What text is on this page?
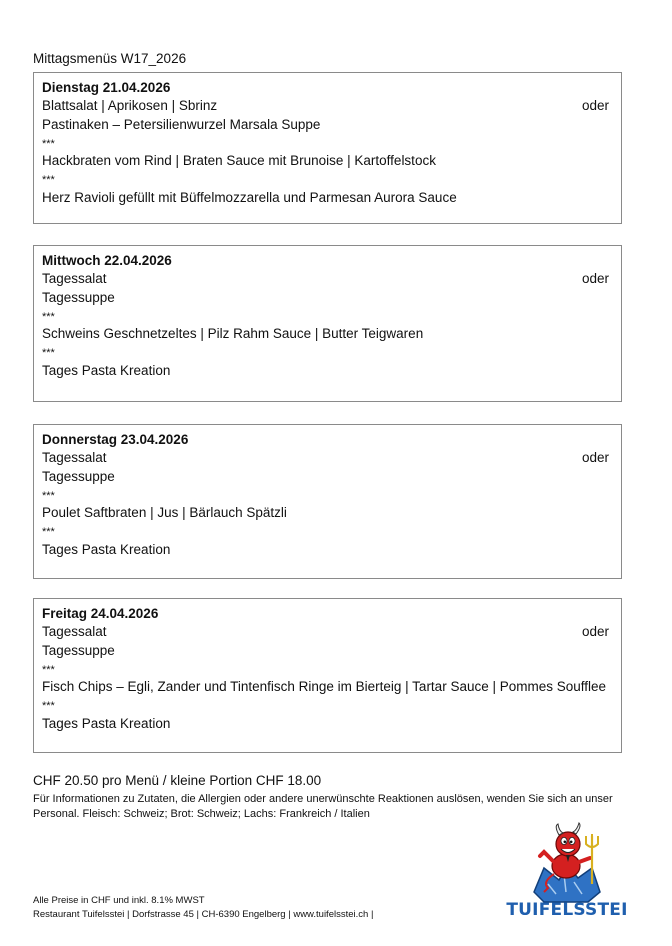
Mittagsmenüs W17_2026
Dienstag 21.04.2026
Blattsalat | Aprikosen | Sbrinz	oder
Pastinaken – Petersilienwurzel Marsala Suppe
***
Hackbraten vom Rind | Braten Sauce mit Brunoise | Kartoffelstock
***
Herz Ravioli gefüllt mit Büffelmozzarella und Parmesan Aurora Sauce
Mittwoch 22.04.2026
Tagessalat	oder
Tagessuppe
***
Schweins Geschnetzeltes | Pilz Rahm Sauce | Butter Teigwaren
***
Tages Pasta Kreation
Donnerstag 23.04.2026
Tagessalat	oder
Tagessuppe
***
Poulet Saftbraten | Jus | Bärlauch Spätzli
***
Tages Pasta Kreation
Freitag 24.04.2026
Tagessalat	oder
Tagessuppe
***
Fisch Chips – Egli, Zander und Tintenfisch Ringe im Bierteig | Tartar Sauce | Pommes Soufflee
***
Tages Pasta Kreation
CHF 20.50 pro Menü / kleine Portion CHF 18.00
Für Informationen zu Zutaten, die Allergien oder andere unerwünschte Reaktionen auslösen, wenden Sie sich an unser
Personal. Fleisch: Schweiz; Brot: Schweiz; Lachs: Frankreich / Italien
Alle Preise in CHF und inkl. 8.1% MWST
Restaurant Tuifelsstei | Dorfstrasse 45 | CH-6390 Engelberg | www.tuifelsstei.ch |	TUIFELSSTEI
